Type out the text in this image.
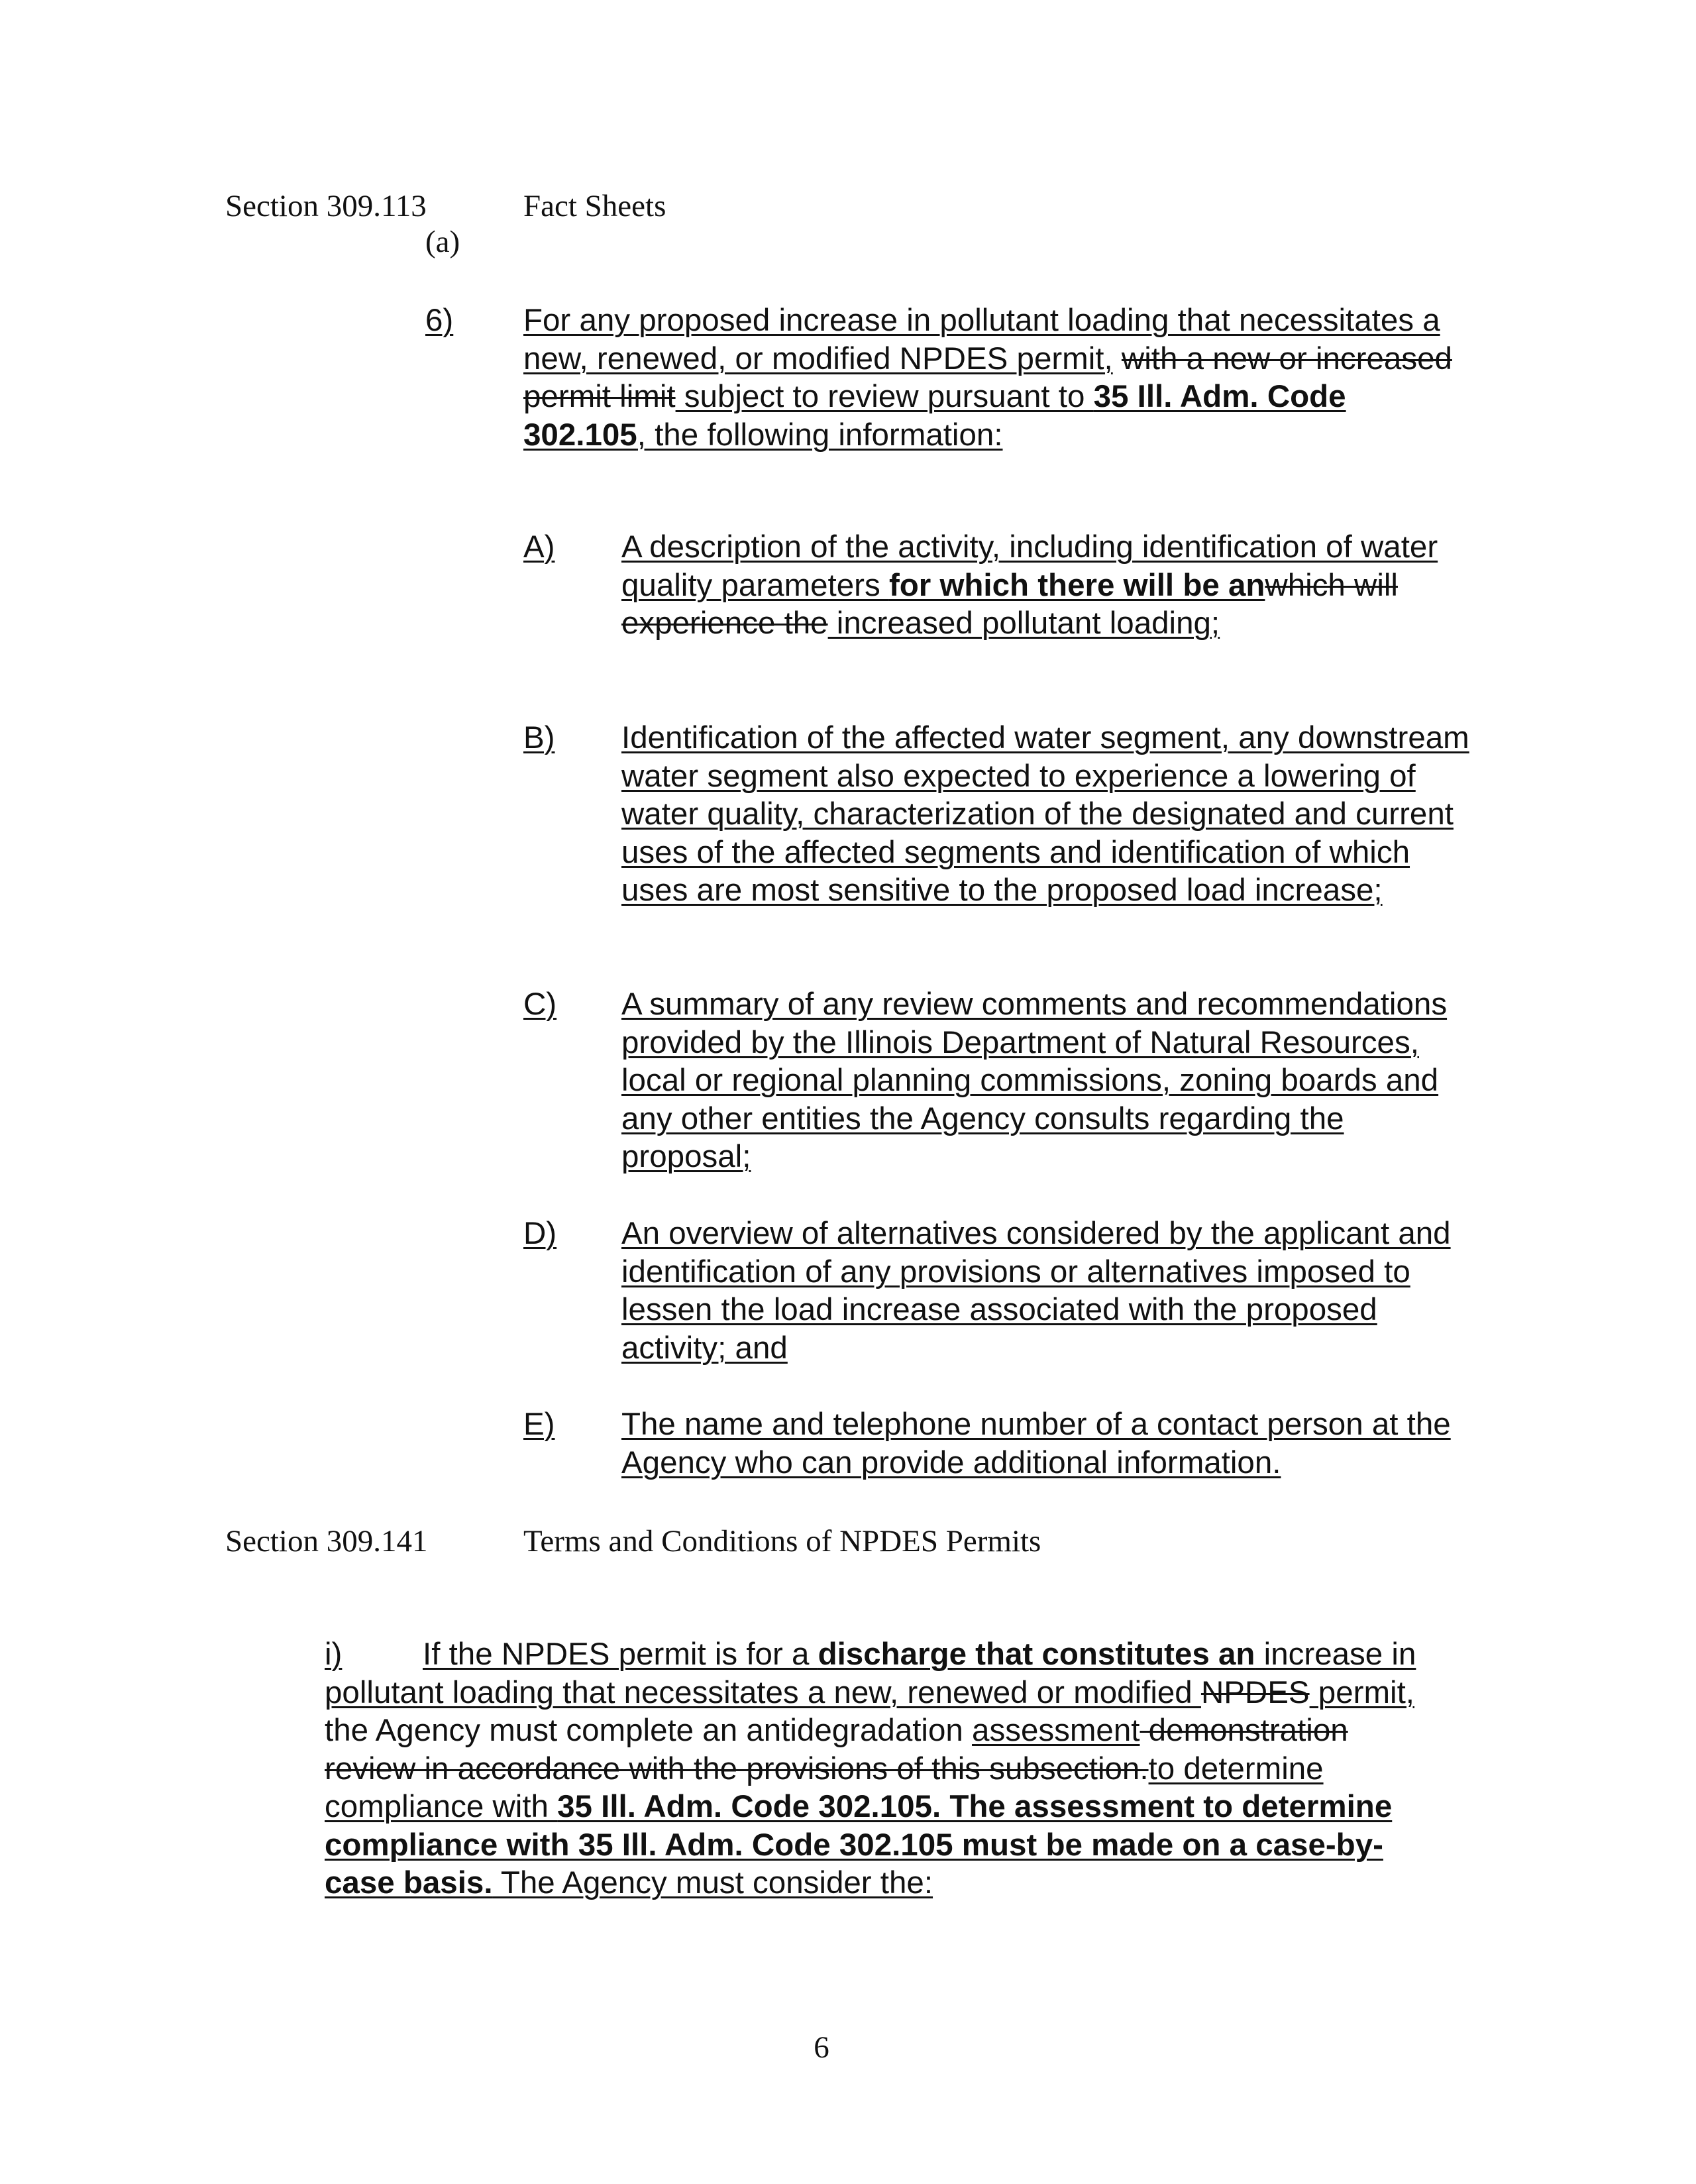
Section 309.113	Fact Sheets
(a)
6) For any proposed increase in pollutant loading that necessitates a new, renewed, or modified NPDES permit, with a new or increased permit limit subject to review pursuant to 35 Ill. Adm. Code 302.105, the following information:
A) A description of the activity, including identification of water quality parameters for which there will be anwhich will experience the increased pollutant loading;
B) Identification of the affected water segment, any downstream water segment also expected to experience a lowering of water quality, characterization of the designated and current uses of the affected segments and identification of which uses are most sensitive to the proposed load increase;
C) A summary of any review comments and recommendations provided by the Illinois Department of Natural Resources, local or regional planning commissions, zoning boards and any other entities the Agency consults regarding the proposal;
D) An overview of alternatives considered by the applicant and identification of any provisions or alternatives imposed to lessen the load increase associated with the proposed activity; and
E) The name and telephone number of a contact person at the Agency who can provide additional information.
Section 309.141	Terms and Conditions of NPDES Permits
i)	If the NPDES permit is for a discharge that constitutes an increase in pollutant loading that necessitates a new, renewed or modified NPDES permit, the Agency must complete an antidegradation assessment demonstration review in accordance with the provisions of this subsection.to determine compliance with 35 Ill. Adm. Code 302.105. The assessment to determine compliance with 35 Ill. Adm. Code 302.105 must be made on a case-by-case basis. The Agency must consider the:
6
